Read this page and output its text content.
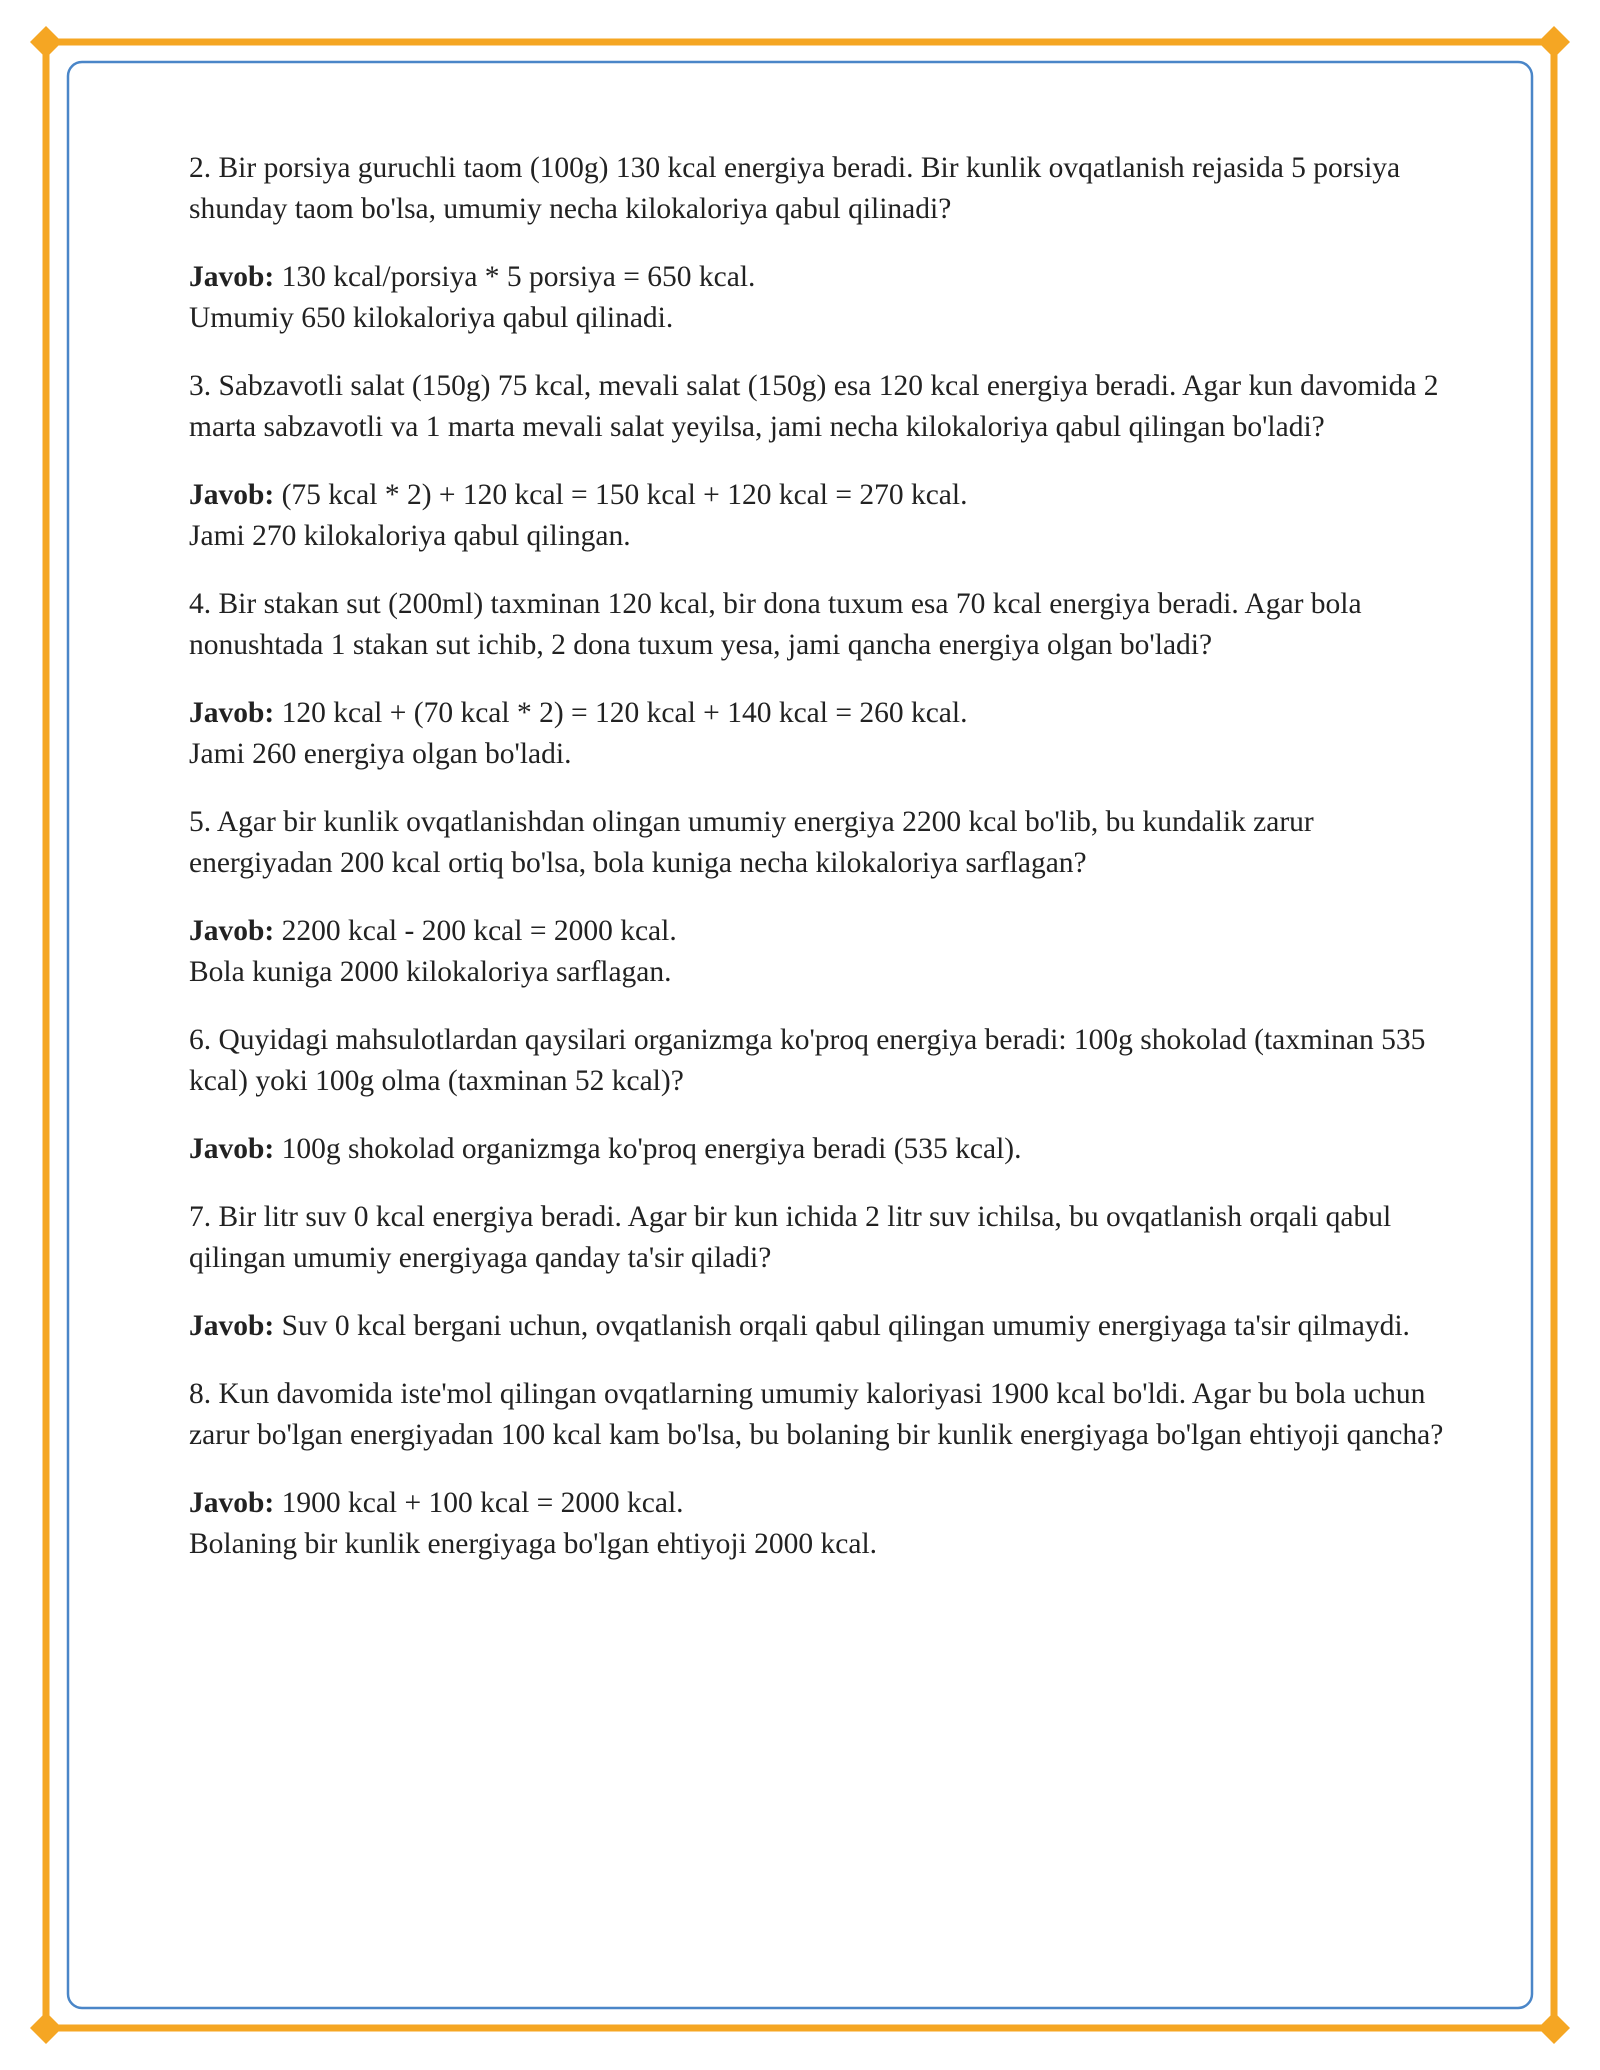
2. Bir porsiya guruchli taom (100g) 130 kcal energiya beradi. Bir kunlik ovqatlanish rejasida 5 porsiya shunday taom bo'lsa, umumiy necha kilokaloriya qabul qilinadi?

Javob: 130 kcal/porsiya * 5 porsiya = 650 kcal.

Umumiy 650 kilokaloriya qabul qilinadi.

3. Sabzavotli salat (150g) 75 kcal, mevali salat (150g) esa 120 kcal energiya beradi. Agar kun davomida 2 marta sabzavotli va 1 marta mevali salat yeyilsa, jami necha kilokaloriya qabul qilingan bo'ladi?

Javob: (75 kcal * 2) + 120 kcal = 150 kcal + 120 kcal = 270 kcal.

Jami 270 kilokaloriya qabul qilingan.

4. Bir stakan sut (200ml) taxminan 120 kcal, bir dona tuxum esa 70 kcal energiya beradi. Agar bola nonushtada 1 stakan sut ichib, 2 dona tuxum yesa, jami qancha energiya olgan bo'ladi?

Javob: 120 kcal + (70 kcal * 2) = 120 kcal + 140 kcal = 260 kcal.

Jami 260 energiya olgan bo'ladi.

5. Agar bir kunlik ovqatlanishdan olingan umumiy energiya 2200 kcal bo'lib, bu kundalik zarur energiyadan 200 kcal ortiq bo'lsa, bola kuniga necha kilokaloriya sarflagan?

Javob: 2200 kcal - 200 kcal = 2000 kcal.

Bola kuniga 2000 kilokaloriya sarflagan.

6. Quyidagi mahsulotlardan qaysilari organizmga ko'proq energiya beradi: 100g shokolad (taxminan 535 kcal) yoki 100g olma (taxminan 52 kcal)?

Javob: 100g shokolad organizmga ko'proq energiya beradi (535 kcal).

7. Bir litr suv 0 kcal energiya beradi. Agar bir kun ichida 2 litr suv ichilsa, bu ovqatlanish orqali qabul qilingan umumiy energiyaga qanday ta'sir qiladi?

Javob: Suv 0 kcal bergani uchun, ovqatlanish orqali qabul qilingan umumiy energiyaga ta'sir qilmaydi.

8. Kun davomida iste'mol qilingan ovqatlarning umumiy kaloriyasi 1900 kcal bo'ldi. Agar bu bola uchun zarur bo'lgan energiyadan 100 kcal kam bo'lsa, bu bolaning bir kunlik energiyaga bo'lgan ehtiyoji qancha?

Javob: 1900 kcal + 100 kcal = 2000 kcal.

Bolaning bir kunlik energiyaga bo'lgan ehtiyoji 2000 kcal.
